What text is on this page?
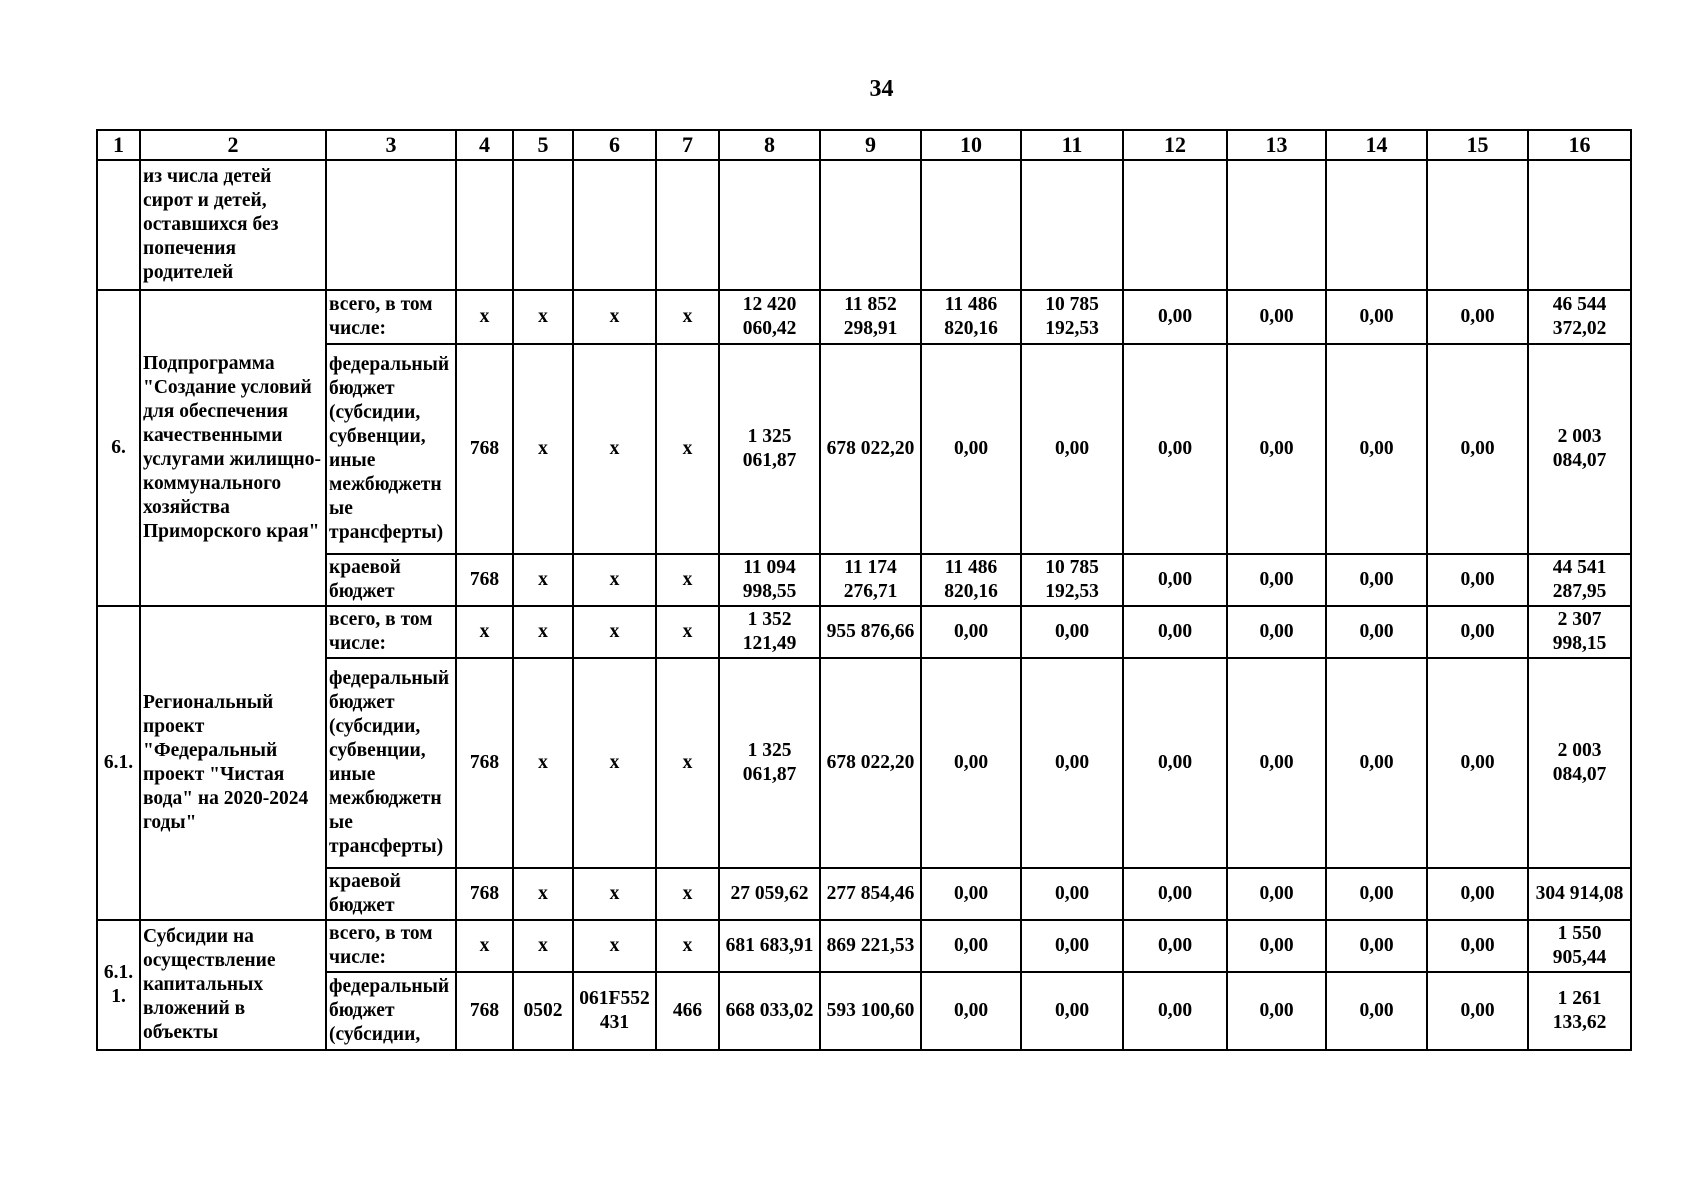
34
1	2	3	4	5	6	7	8	9	10	11	12	13	14	15	16
	из числа детей сирот и детей, оставшихся без попечения родителей														
6.	Подпрограмма "Создание условий для обеспечения качественными услугами жилищно-коммунального хозяйства Приморского края"	всего, в том числе:	х	х	х	х	12 420 060,42	11 852 298,91	11 486 820,16	10 785 192,53	0,00	0,00	0,00	0,00	46 544 372,02
		федеральный бюджет (субсидии, субвенции, иные межбюджетные трансферты)	768	х	х	х	1 325 061,87	678 022,20	0,00	0,00	0,00	0,00	0,00	0,00	2 003 084,07
		краевой бюджет	768	х	х	х	11 094 998,55	11 174 276,71	11 486 820,16	10 785 192,53	0,00	0,00	0,00	0,00	44 541 287,95
6.1.	Региональный проект "Федеральный проект "Чистая вода" на 2020-2024 годы"	всего, в том числе:	х	х	х	х	1 352 121,49	955 876,66	0,00	0,00	0,00	0,00	0,00	0,00	2 307 998,15
		федеральный бюджет (субсидии, субвенции, иные межбюджетные трансферты)	768	х	х	х	1 325 061,87	678 022,20	0,00	0,00	0,00	0,00	0,00	0,00	2 003 084,07
		краевой бюджет	768	х	х	х	27 059,62	277 854,46	0,00	0,00	0,00	0,00	0,00	0,00	304 914,08
6.1.1.	Субсидии на осуществление капитальных вложений в объекты	всего, в том числе:	х	х	х	х	681 683,91	869 221,53	0,00	0,00	0,00	0,00	0,00	0,00	1 550 905,44
		федеральный бюджет (субсидии,	768	0502	061F552431	466	668 033,02	593 100,60	0,00	0,00	0,00	0,00	0,00	0,00	1 261 133,62
